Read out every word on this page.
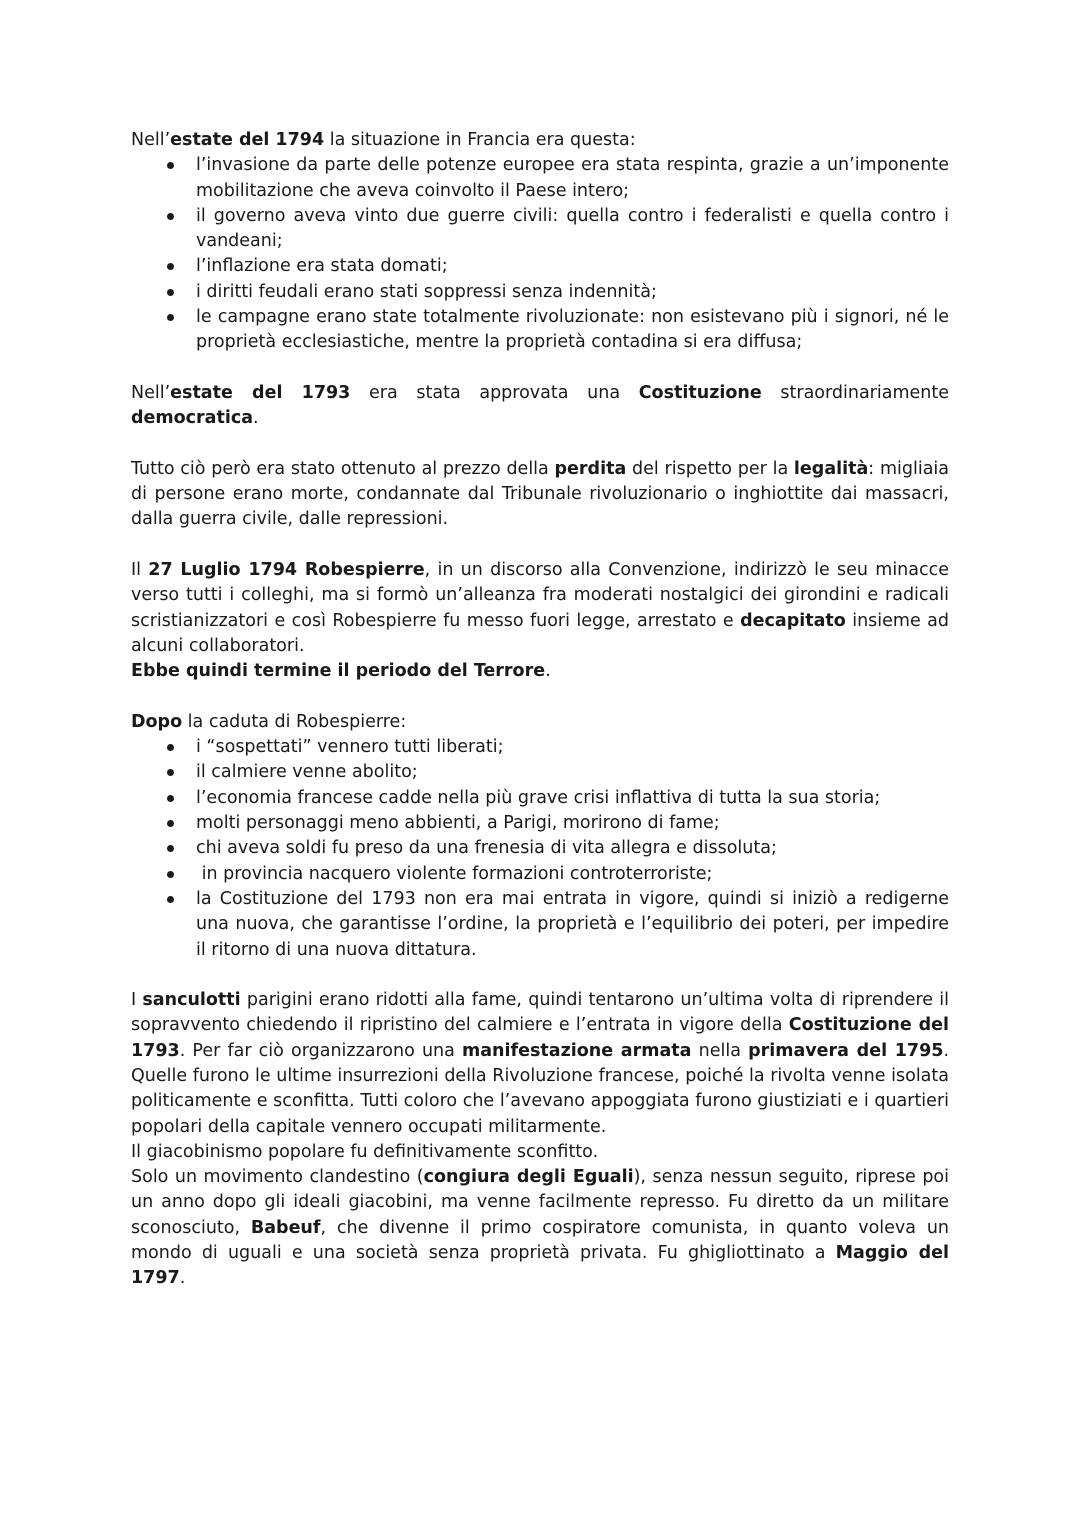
Nell’estate del 1794 la situazione in Francia era questa:

l’invasione da parte delle potenze europee era stata respinta, grazie a un’imponente mobilitazione che aveva coinvolto il Paese intero;
il governo aveva vinto due guerre civili: quella contro i federalisti e quella contro i vandeani;
l’inflazione era stata domati;
i diritti feudali erano stati soppressi senza indennità;
le campagne erano state totalmente rivoluzionate: non esistevano più i signori, né le proprietà ecclesiastiche, mentre la proprietà contadina si era diffusa;

Nell’estate del 1793 era stata approvata una Costituzione straordinariamente democratica.

Tutto ciò però era stato ottenuto al prezzo della perdita del rispetto per la legalità: migliaia di persone erano morte, condannate dal Tribunale rivoluzionario o inghiottite dai massacri, dalla guerra civile, dalle repressioni.

Il 27 Luglio 1794 Robespierre, in un discorso alla Convenzione, indirizzò le seu minacce verso tutti i colleghi, ma si formò un’alleanza fra moderati nostalgici dei girondini e radicali scristianizzatori e così Robespierre fu messo fuori legge, arrestato e decapitato insieme ad alcuni collaboratori.

Ebbe quindi termine il periodo del Terrore.

Dopo la caduta di Robespierre:

i “sospettati” vennero tutti liberati;
il calmiere venne abolito;
l’economia francese cadde nella più grave crisi inflattiva di tutta la sua storia;
molti personaggi meno abbienti, a Parigi, morirono di fame;
chi aveva soldi fu preso da una frenesia di vita allegra e dissoluta;
in provincia nacquero violente formazioni controterroriste;
la Costituzione del 1793 non era mai entrata in vigore, quindi si iniziò a redigerne una nuova, che garantisse l’ordine, la proprietà e l’equilibrio dei poteri, per impedire il ritorno di una nuova dittatura.

I sanculotti parigini erano ridotti alla fame, quindi tentarono un’ultima volta di riprendere il sopravvento chiedendo il ripristino del calmiere e l’entrata in vigore della Costituzione del 1793. Per far ciò organizzarono una manifestazione armata nella primavera del 1795. Quelle furono le ultime insurrezioni della Rivoluzione francese, poiché la rivolta venne isolata politicamente e sconfitta. Tutti coloro che l’avevano appoggiata furono giustiziati e i quartieri popolari della capitale vennero occupati militarmente.

Il giacobinismo popolare fu definitivamente sconfitto.

Solo un movimento clandestino (congiura degli Eguali), senza nessun seguito, riprese poi un anno dopo gli ideali giacobini, ma venne facilmente represso. Fu diretto da un militare sconosciuto, Babeuf, che divenne il primo cospiratore comunista, in quanto voleva un mondo di uguali e una società senza proprietà privata. Fu ghigliottinato a Maggio del 1797.
